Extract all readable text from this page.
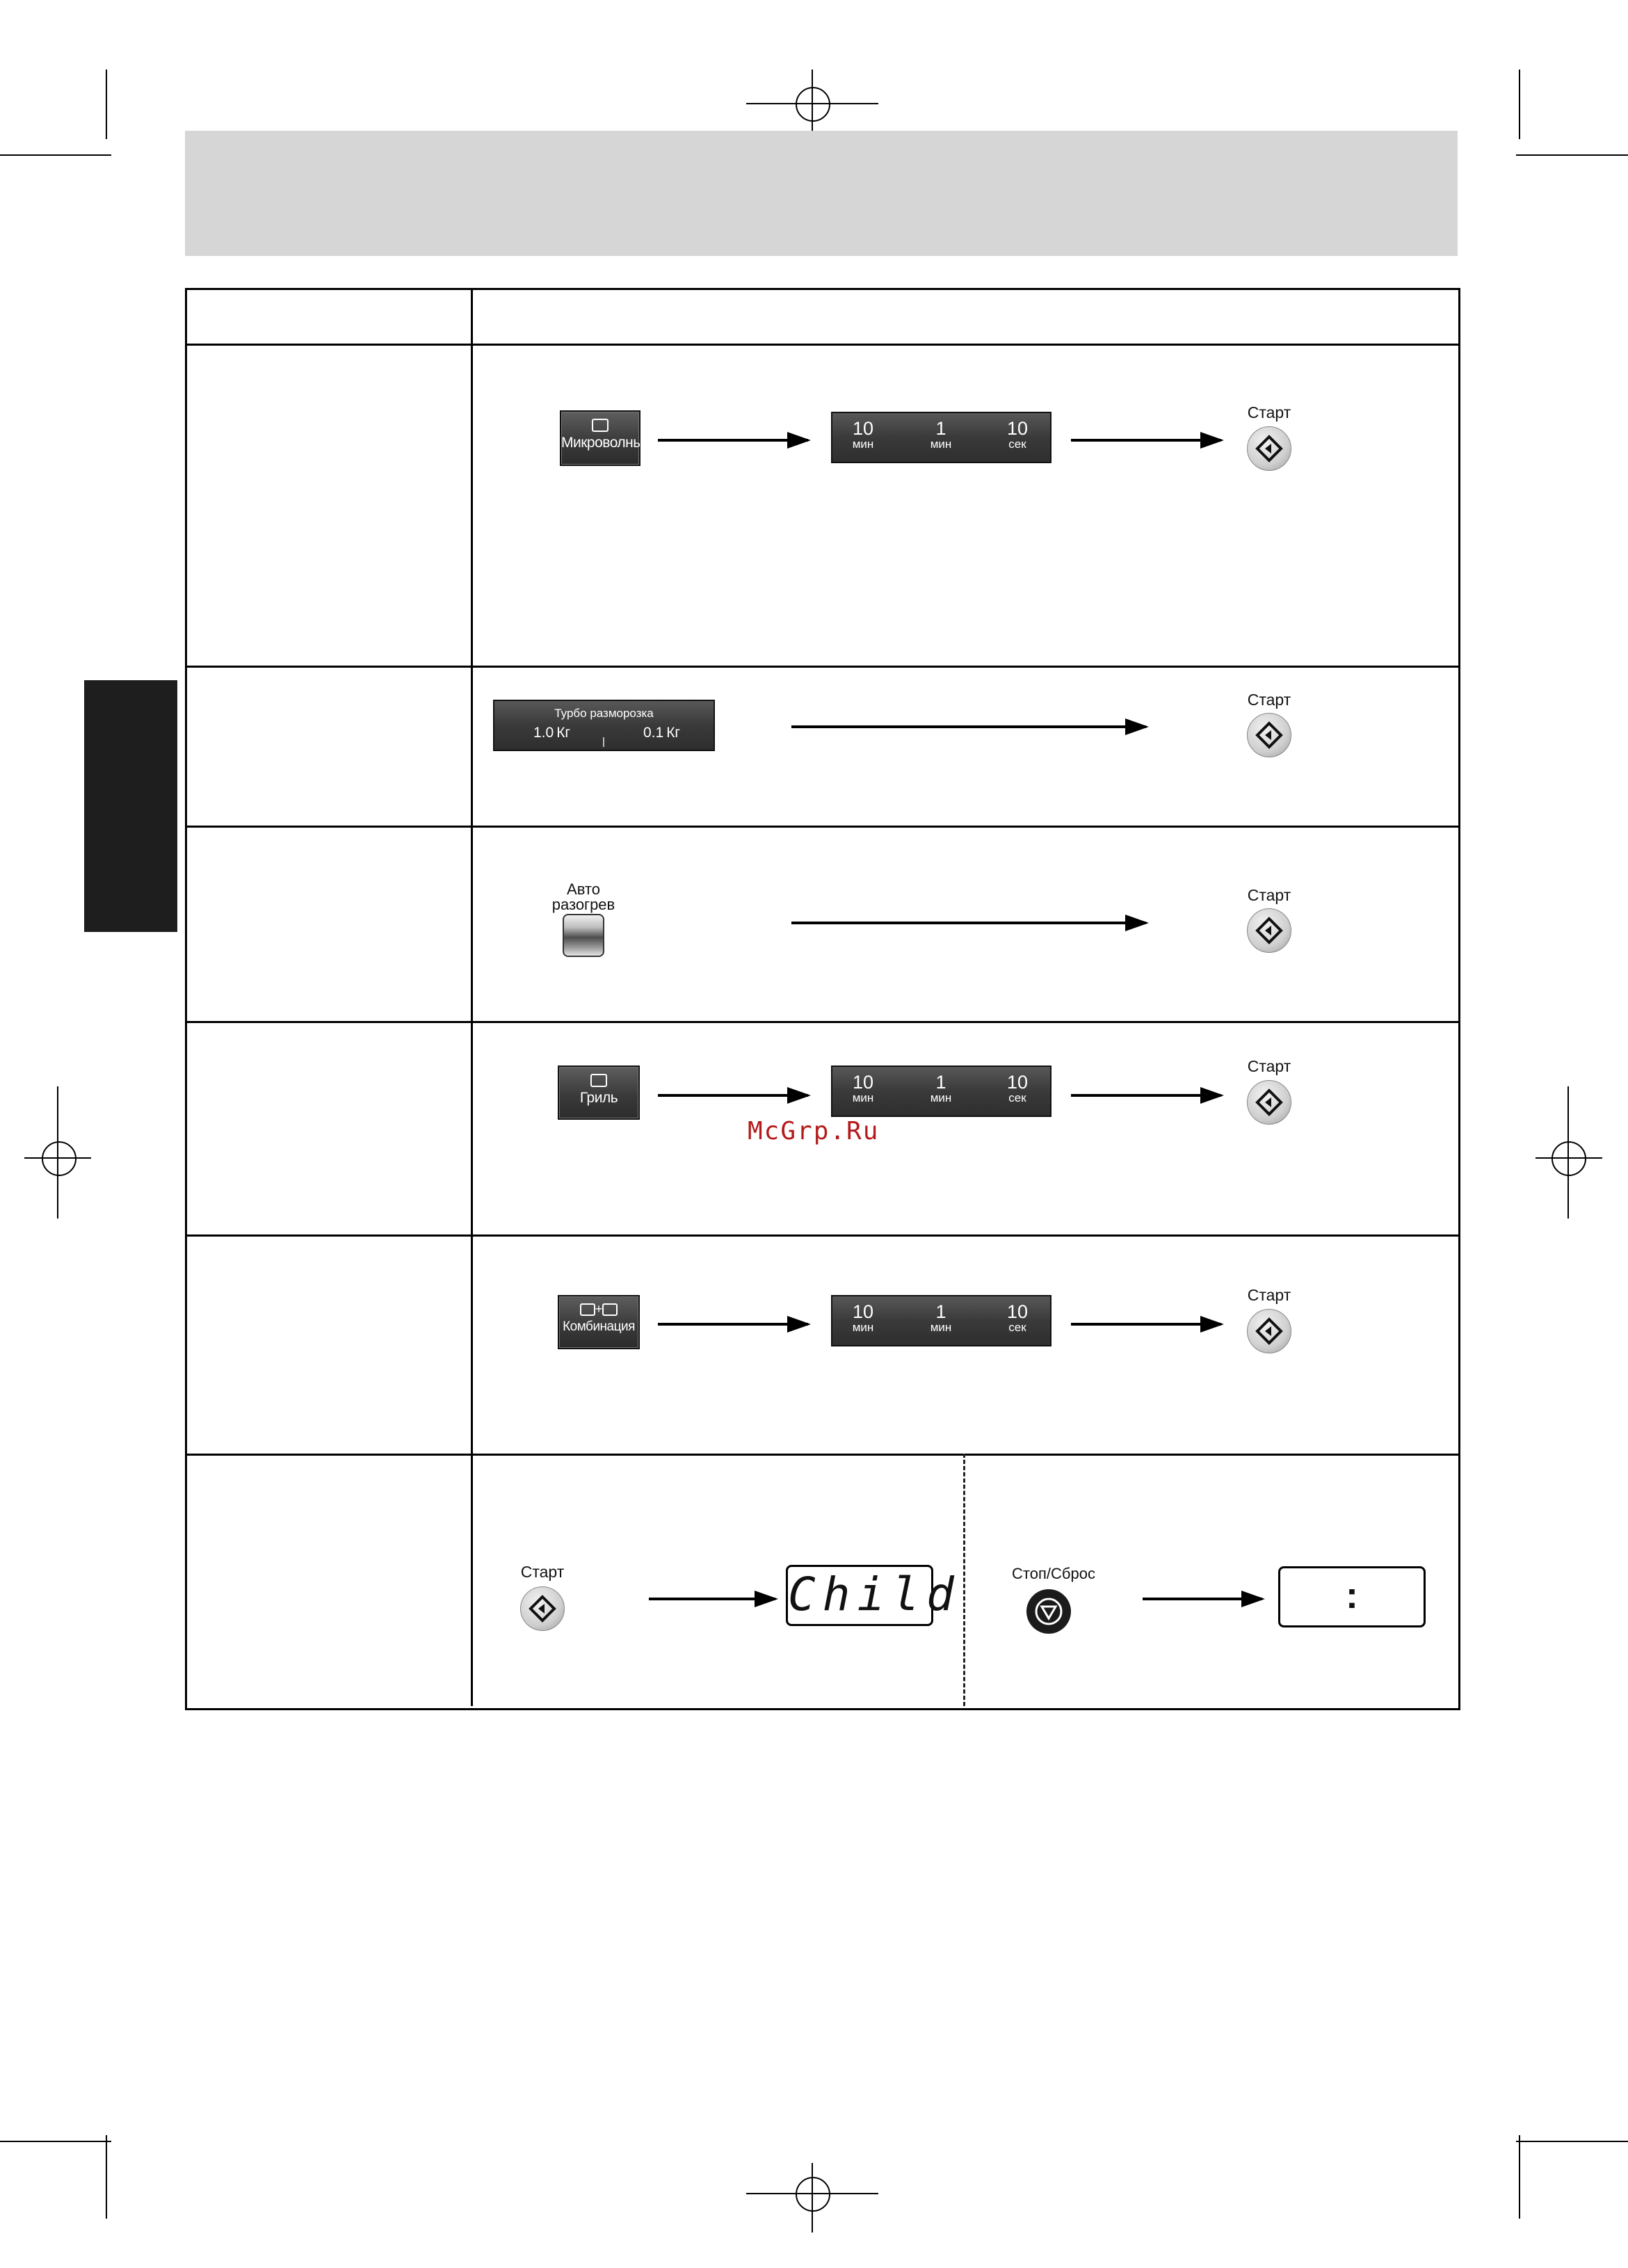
Микроволны
10
мин
1
мин
10
сек
Старт
Турбо разморозка
1.0 Кг	0.1 Кг
Старт
Авто
разогрев
Старт
Гриль
10
мин
1
мин
10
сек
Старт
McGrp.Ru
+
Комбинация
10
мин
1
мин
10
сек
Старт
Старт	Child	Стоп/Сброс
:
